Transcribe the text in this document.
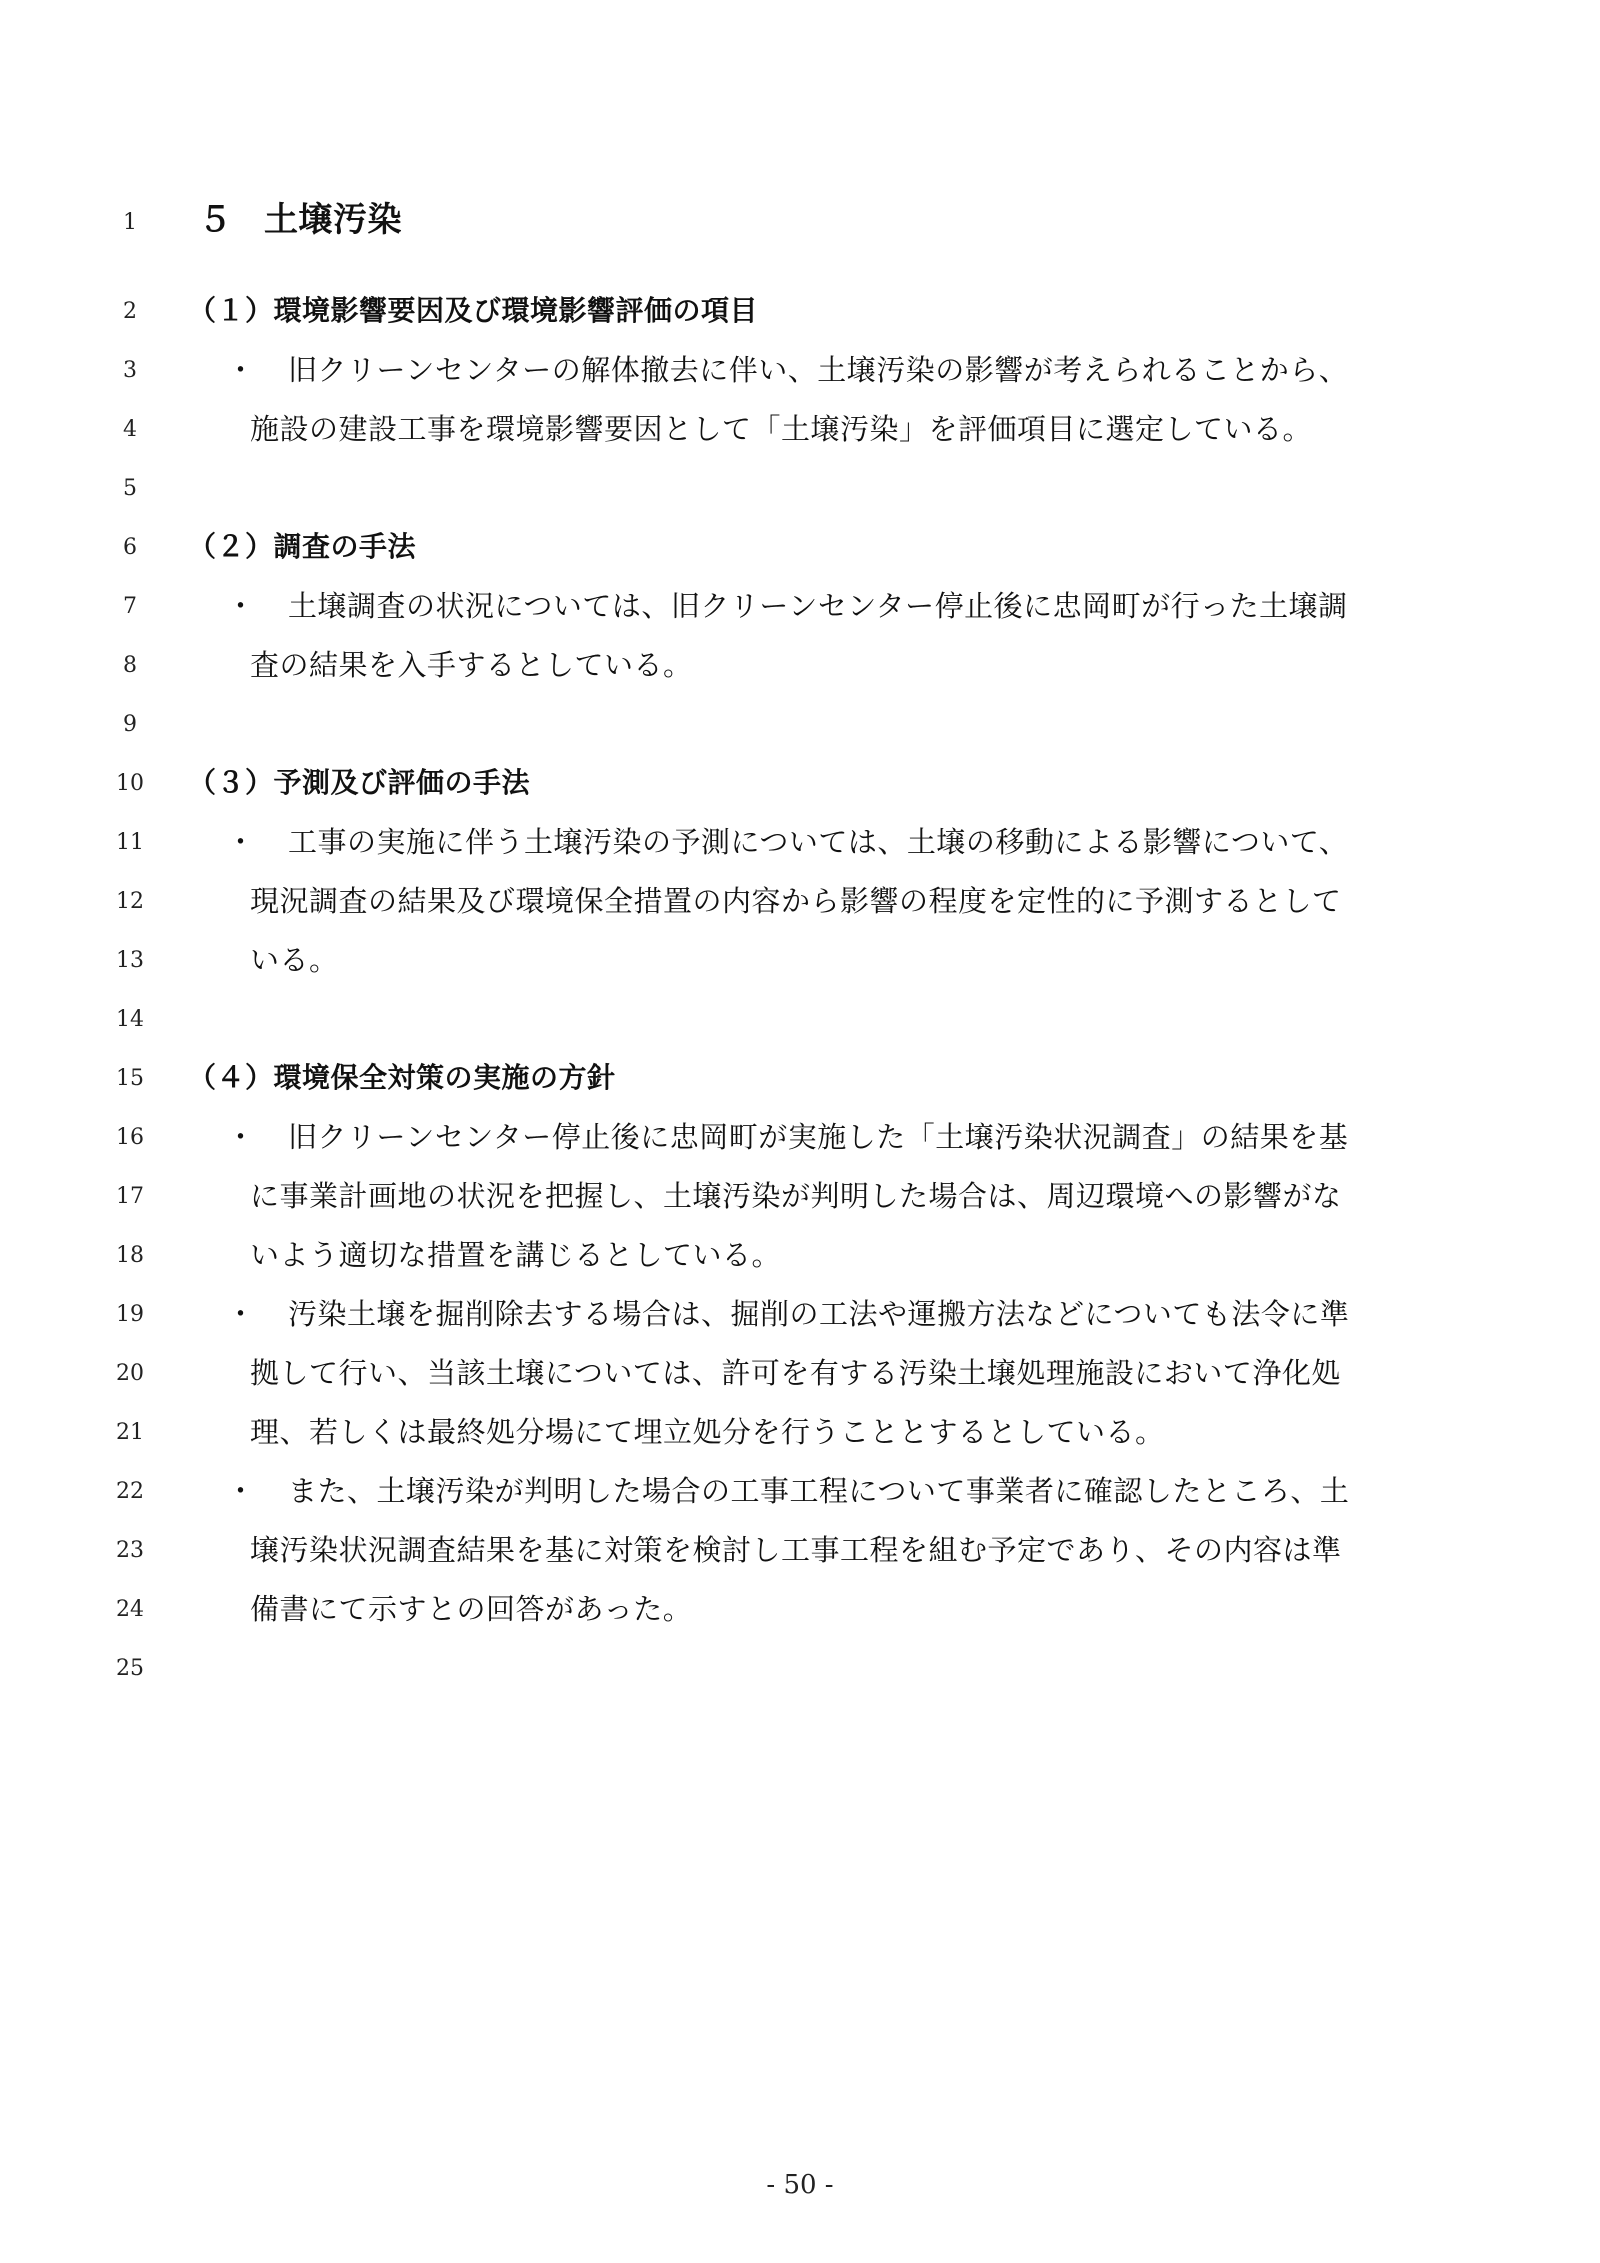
1	５ 土壌汚染
2	（１）環境影響要因及び環境影響評価の項目
3	・ 旧クリーンセンターの解体撤去に伴い、土壌汚染の影響が考えられることから、
4	施設の建設工事を環境影響要因として「土壌汚染」を評価項目に選定している。
5
6	（２）調査の手法
7	・ 土壌調査の状況については、旧クリーンセンター停止後に忠岡町が行った土壌調
8	査の結果を入手するとしている。
9
10	（３）予測及び評価の手法
11	・ 工事の実施に伴う土壌汚染の予測については、土壌の移動による影響について、
12	現況調査の結果及び環境保全措置の内容から影響の程度を定性的に予測するとして
13	いる。
14
15	（４）環境保全対策の実施の方針
16	・ 旧クリーンセンター停止後に忠岡町が実施した「土壌汚染状況調査」の結果を基
17	に事業計画地の状況を把握し、土壌汚染が判明した場合は、周辺環境への影響がな
18	いよう適切な措置を講じるとしている。
19	・ 汚染土壌を掘削除去する場合は、掘削の工法や運搬方法などについても法令に準
20	拠して行い、当該土壌については、許可を有する汚染土壌処理施設において浄化処
21	理、若しくは最終処分場にて埋立処分を行うこととするとしている。
22	・ また、土壌汚染が判明した場合の工事工程について事業者に確認したところ、土
23	壌汚染状況調査結果を基に対策を検討し工事工程を組む予定であり、その内容は準
24	備書にて示すとの回答があった。
25
- 50 -
